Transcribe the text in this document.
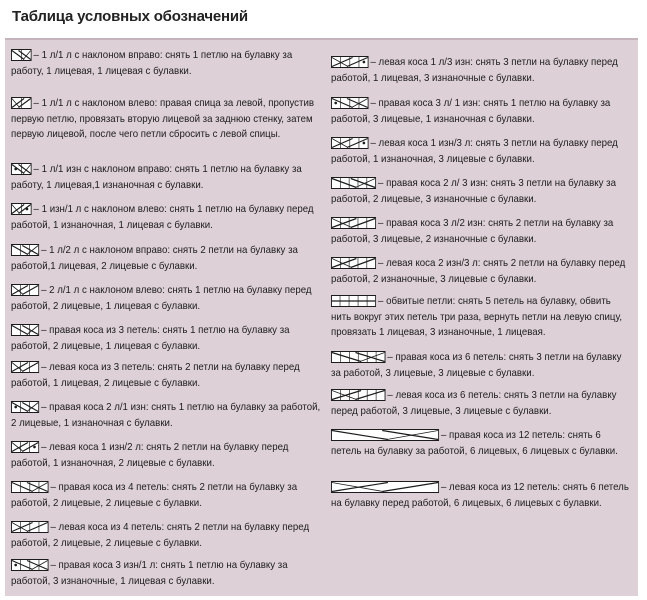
Таблица условных обозначений
– 1 л/1 л с наклоном вправо: снять 1 петлю на булавку за работу, 1 лицевая, 1 лицевая с булавки.
– 1 л/1 л с наклоном влево: правая спица за левой, пропустив первую петлю, провязать вторую лицевой за заднюю стенку, затем первую лицевой, после чего петли сбросить с левой спицы.
– 1 л/1 изн с наклоном вправо: снять 1 петлю на булавку за работу, 1 лицевая,1 изнаночная с булавки.
– 1 изн/1 л с наклоном влево: снять 1 петлю на булавку перед работой, 1 изнаночная, 1 лицевая с булавки.
– 1 л/2 л с наклоном вправо: снять 2 петли на булавку за работой,1 лицевая, 2 лицевые с булавки.
– 2 л/1 л с наклоном влево: снять 1 петлю на булавку перед работой, 2 лицевые, 1 лицевая с булавки.
– правая коса из 3 петель: снять 1 петлю на булавку за работой, 2 лицевые, 1 лицевая с булавки.
– левая коса из 3 петель: снять 2 петли на булавку перед работой, 1 лицевая, 2 лицевые с булавки.
– правая коса 2 л/1 изн: снять 1 петлю на булавку за работой, 2 лицевые, 1 изнаночная с булавки.
– левая коса 1 изн/2 л: снять 2 петли на булавку перед работой, 1 изнаночная, 2 лицевые с булавки.
– правая коса из 4 петель: снять 2 петли на булавку за работой, 2 лицевые, 2 лицевые с булавки.
– левая коса из 4 петель: снять 2 петли на булавку перед работой, 2 лицевые, 2 лицевые с булавки.
– правая коса 3 изн/1 л: снять 1 петлю на булавку за работой, 3 изнаночные, 1 лицевая с булавки.
– левая коса 1 л/3 изн: снять 3 петли на булавку перед работой, 1 лицевая, 3 изнаночные с булавки.
– правая коса 3 л/ 1 изн: снять 1 петлю на булавку за работой, 3 лицевые, 1 изнаночная с булавки.
– левая коса 1 изн/3 л: снять 3 петли на булавку перед работой, 1 изнаночная, 3 лицевые с булавки.
– правая коса 2 л/ 3 изн: снять 3 петли на булавку за работой, 2 лицевые, 3 изнаночные с булавки.
– правая коса 3 л/2 изн: снять 2 петли на булавку за работой, 3 лицевые, 2 изнаночные с булавки.
– левая коса 2 изн/3 л: снять 2 петли на булавку перед работой, 2 изнаночные, 3 лицевые с булавки.
– обвитые петли: снять 5 петель на булавку, обвить нить вокруг этих петель три раза, вернуть петли на левую спицу, провязать 1 лицевая, 3 изнаночные, 1 лицевая.
– правая коса из 6 петель: снять 3 петли на булавку за работой, 3 лицевые, 3 лицевые с булавки.
– левая коса из 6 петель: снять 3 петли на булавку перед работой, 3 лицевые, 3 лицевые с булавки.
– правая коса из 12 петель: снять 6 петель на булавку за работой, 6 лицевых, 6 лицевых с булавки.
– левая коса из 12 петель: снять 6 петель на булавку перед работой, 6 лицевых, 6 лицевых с булавки.
